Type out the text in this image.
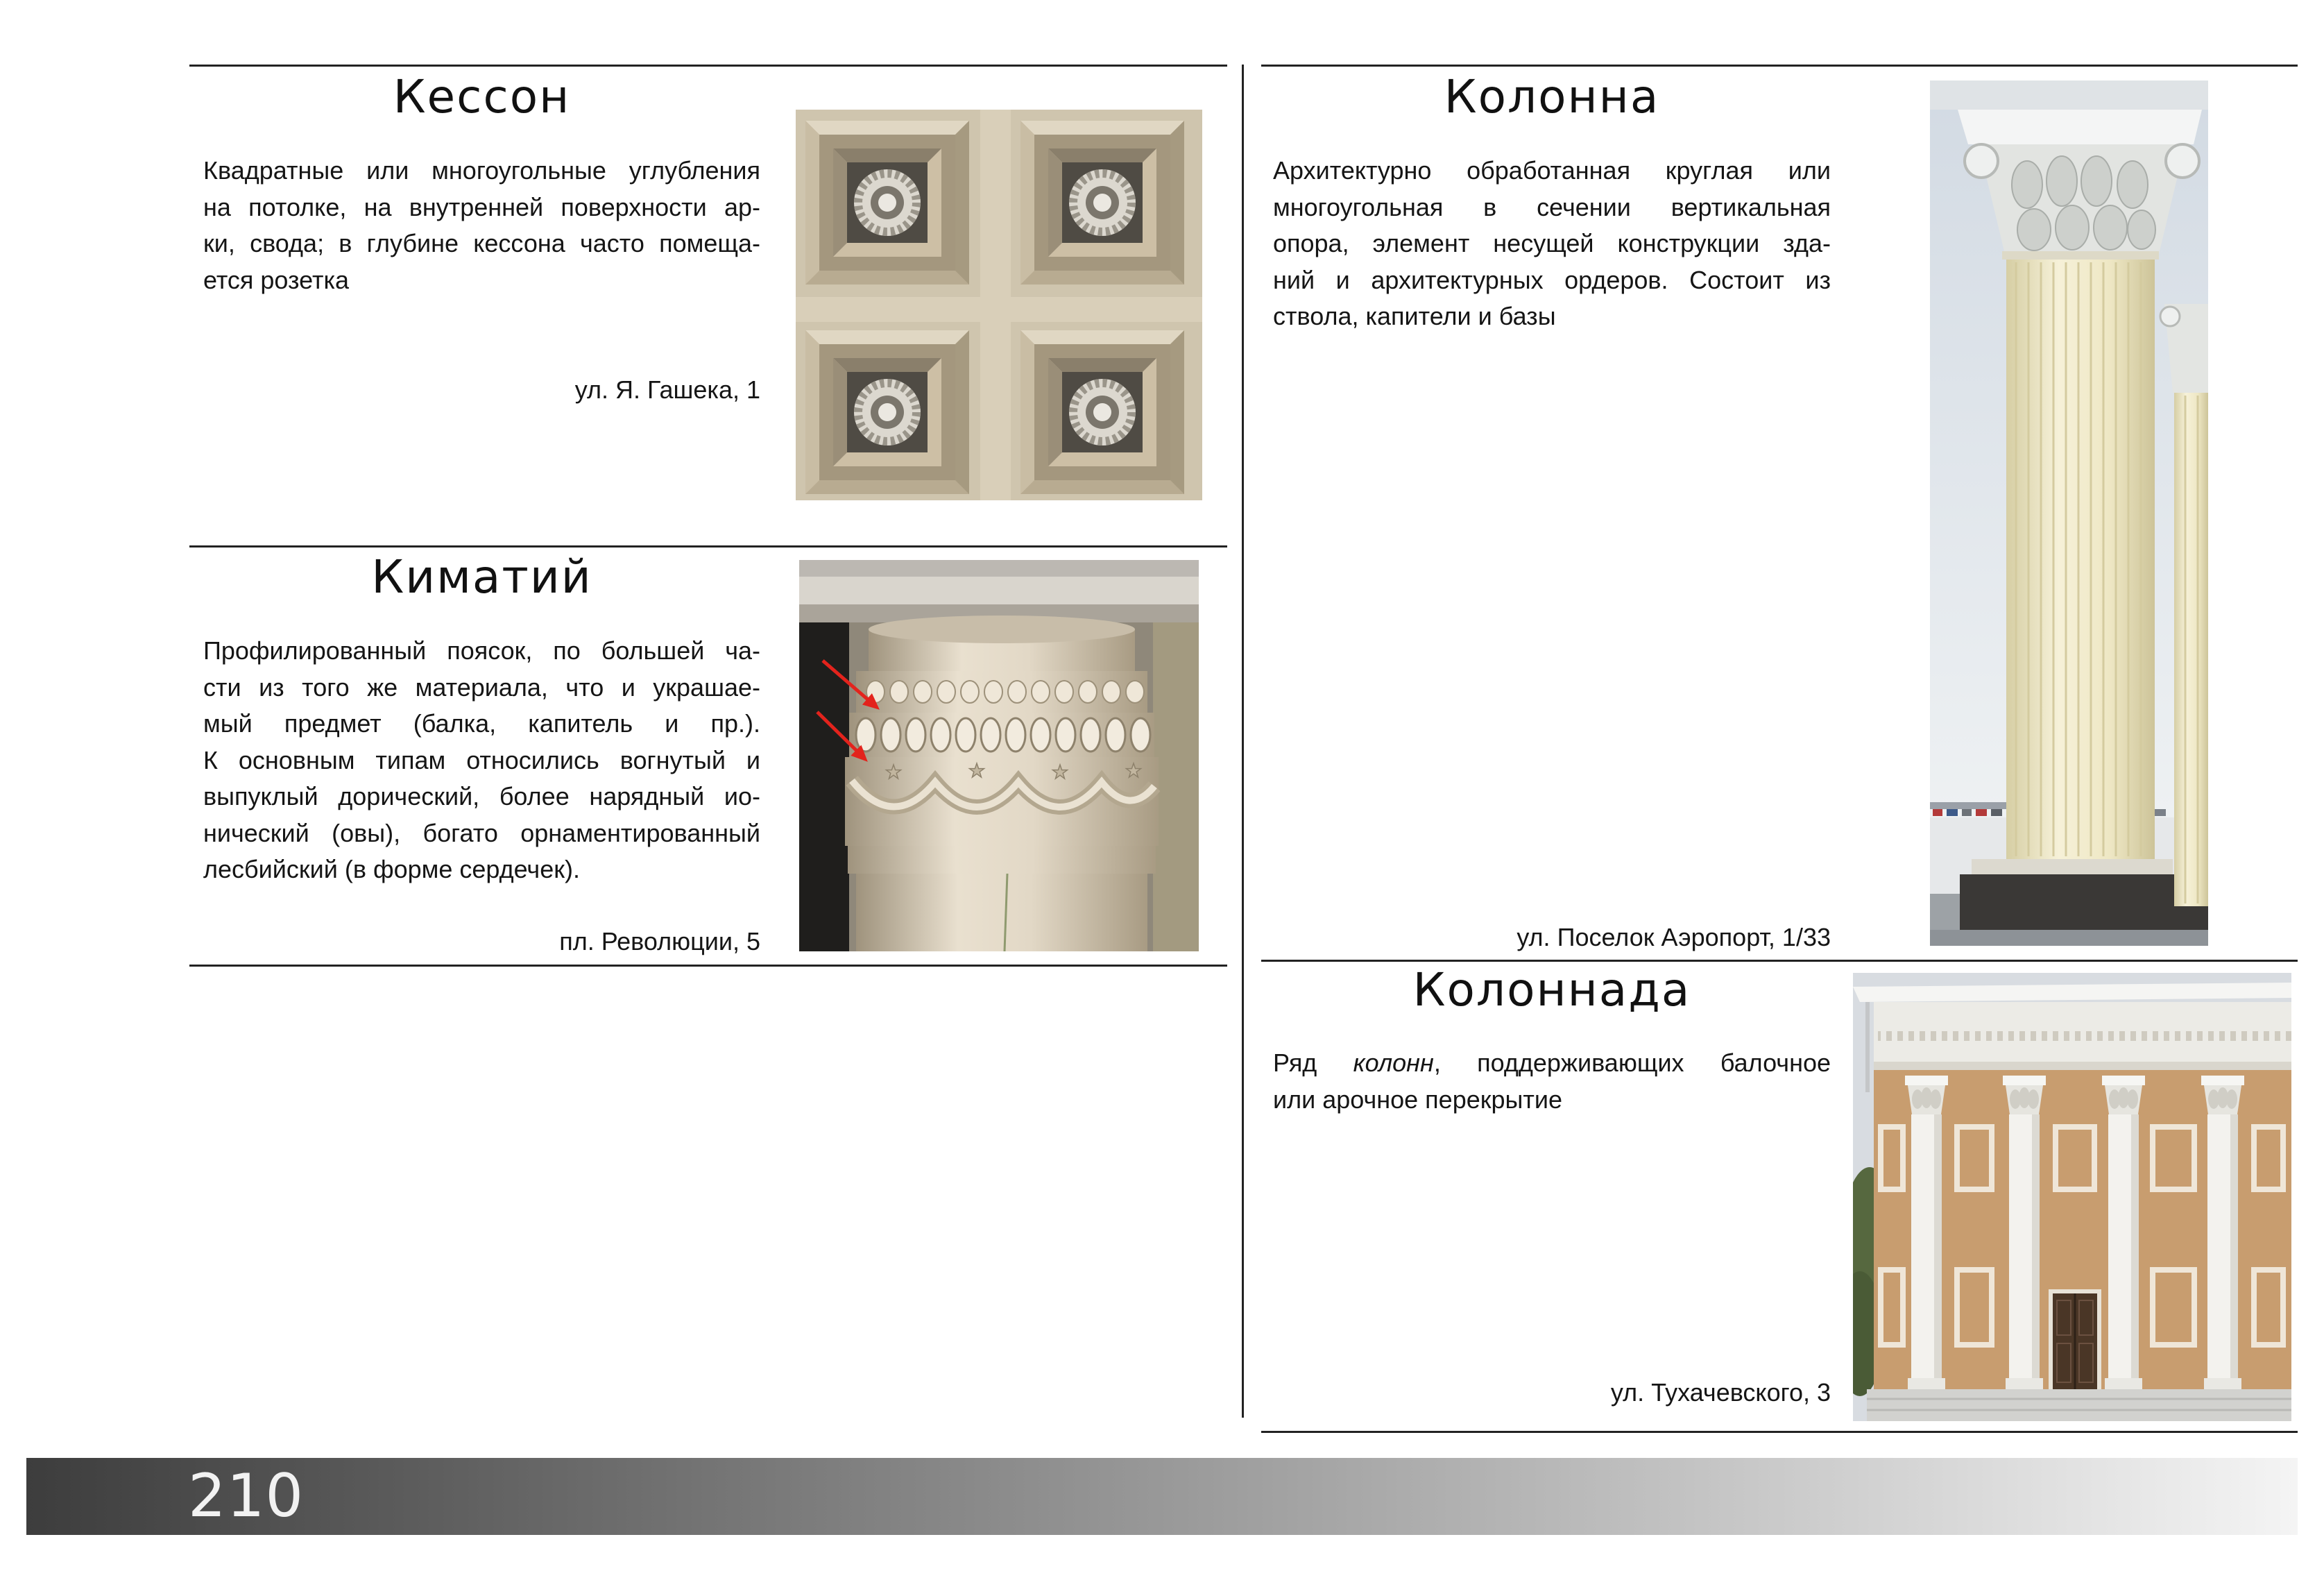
Кессон
Квадратные или многоугольные углубления
на потолке, на внутренней поверхности ар-
ки, свода; в глубине кессона часто помеща-
ется розетка
ул. Я. Гашека, 1
Киматий
Профилированный поясок, по большей ча-
сти из того же материала, что и украшае-
мый предмет (балка, капитель и пр.).
К основным типам относились вогнутый и
выпуклый дорический, более нарядный ио-
нический (овы), богато орнаментированный
лесбийский (в форме сердечек).
пл. Революции, 5
Колонна
Архитектурно обработанная круглая или
многоугольная в сечении вертикальная
опора, элемент несущей конструкции зда-
ний и архитектурных ордеров. Состоит из
ствола, капители и базы
ул. Поселок Аэропорт, 1/33
Колоннада
Ряд колонн, поддерживающих балочное
или арочное перекрытие
ул. Тухачевского, 3
210
